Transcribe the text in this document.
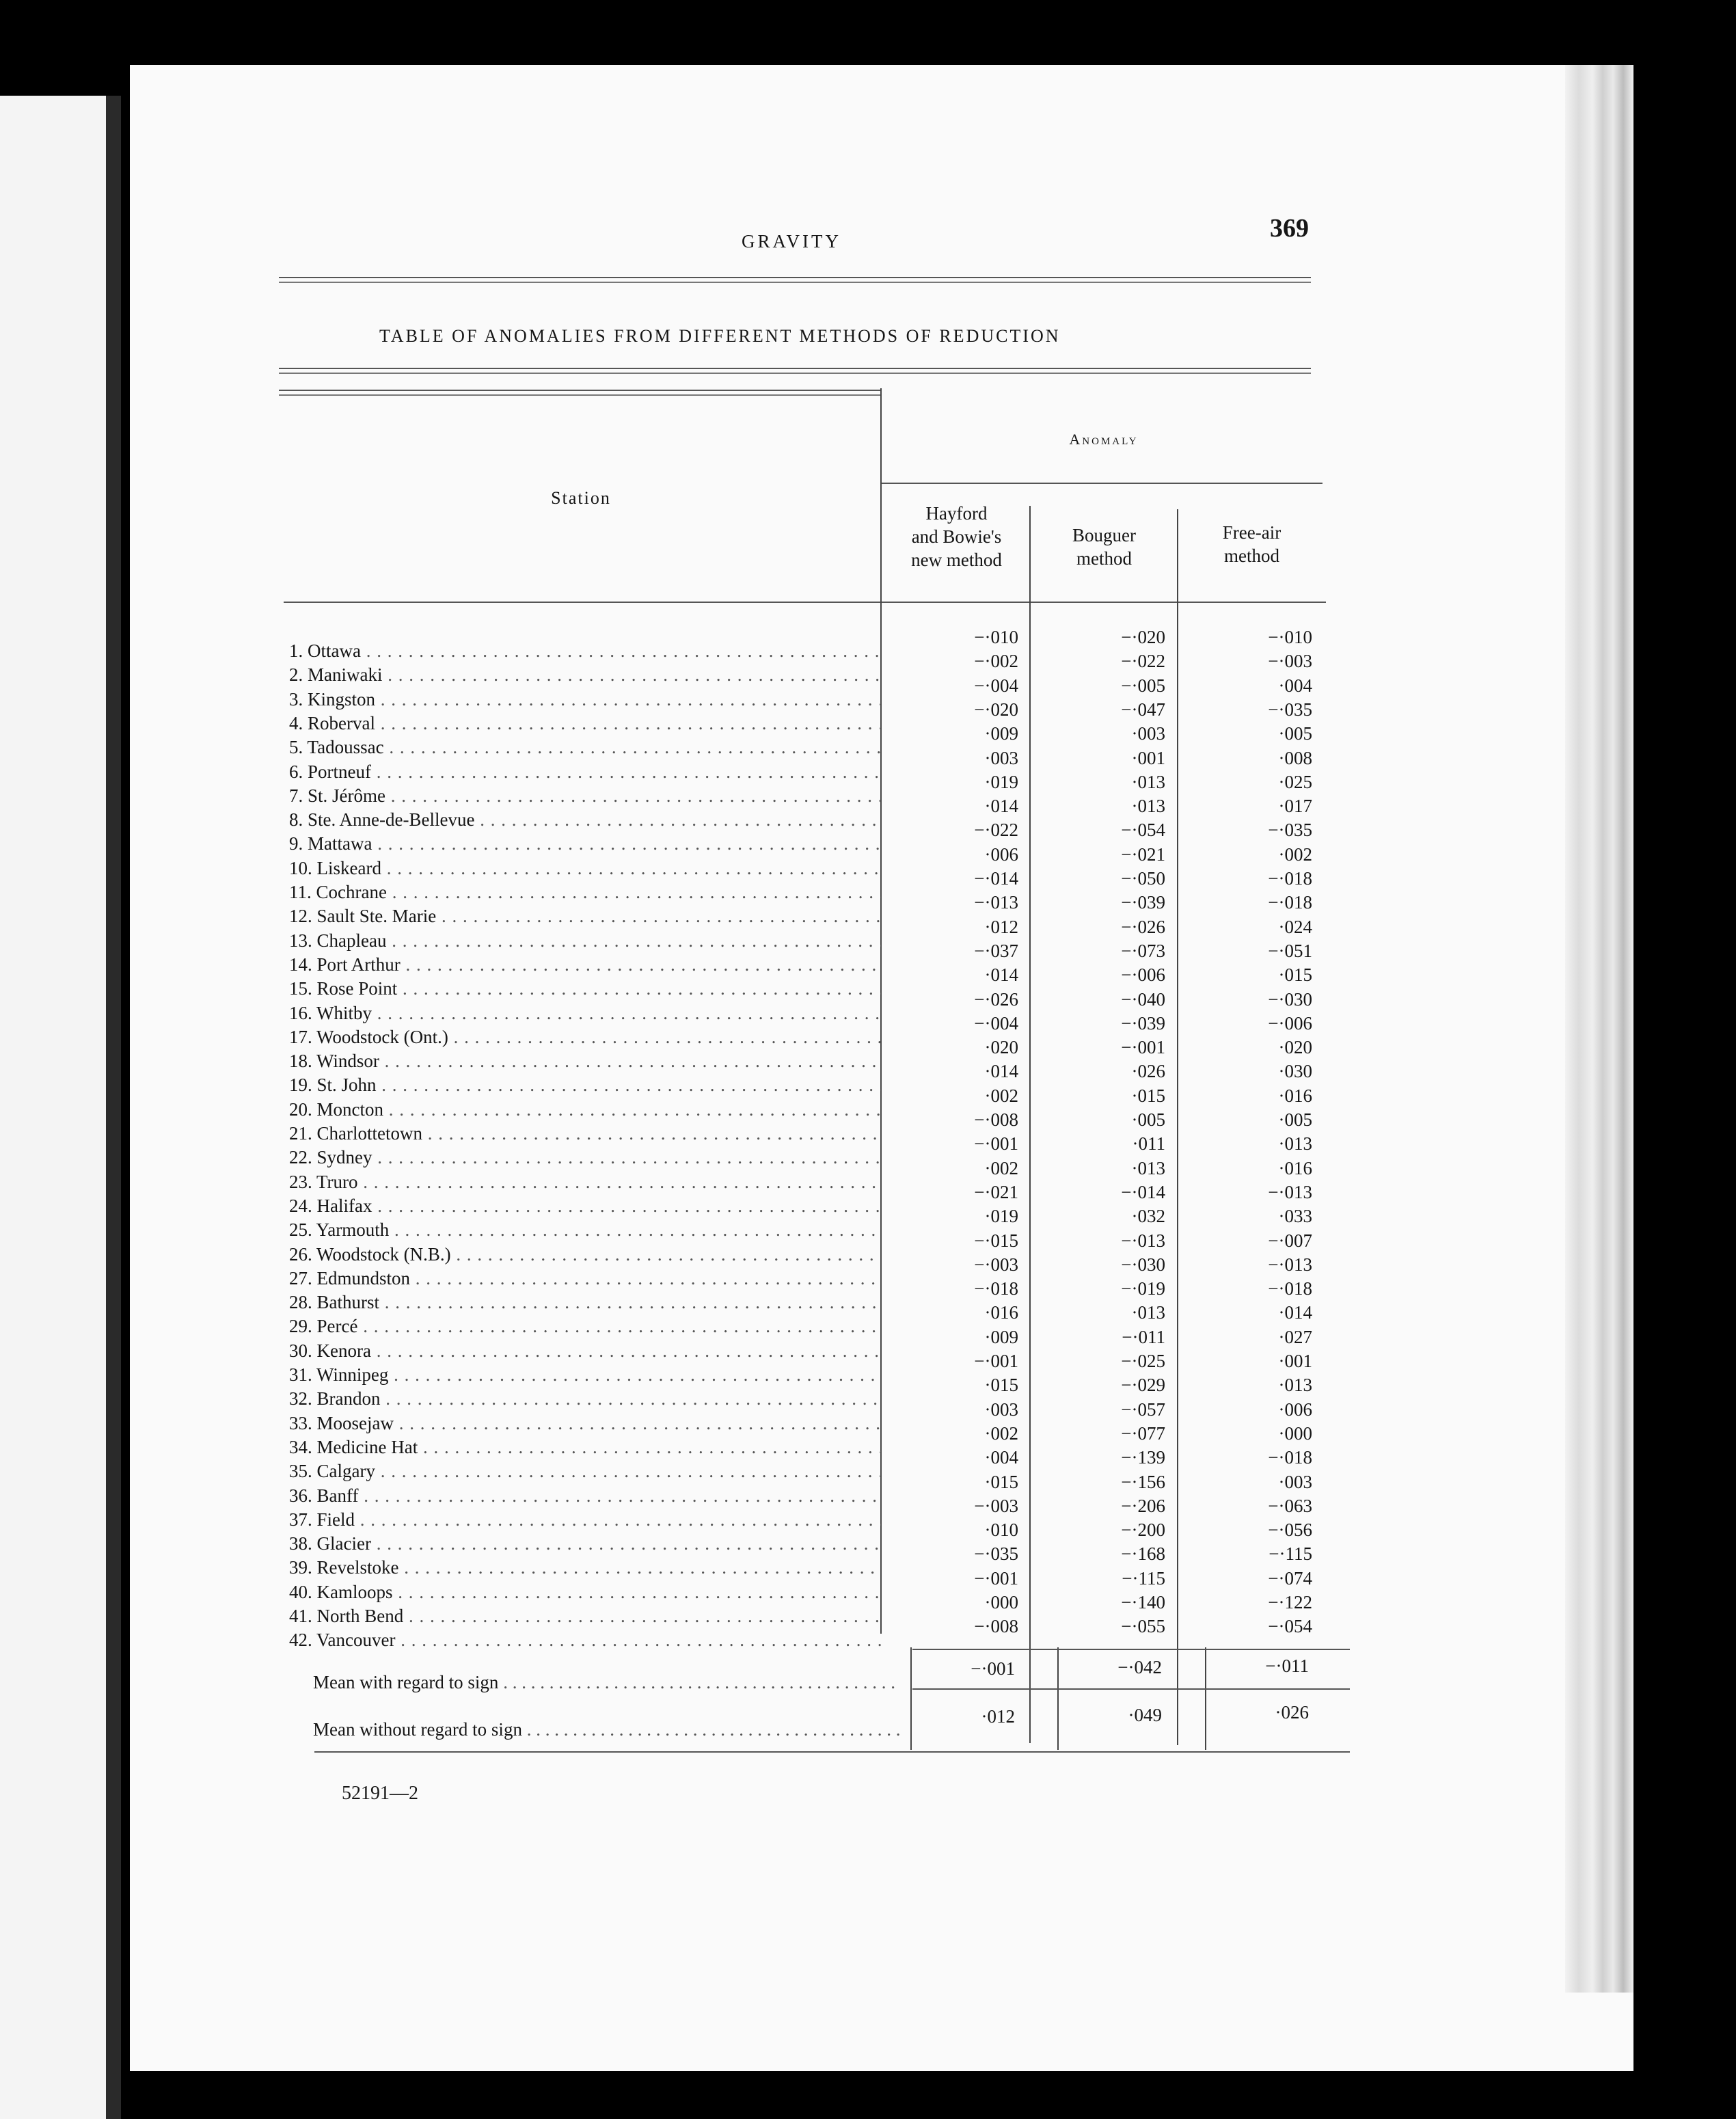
GRAVITY	369
TABLE OF ANOMALIES FROM DIFFERENT METHODS OF REDUCTION
Anomaly
Station
Hayford
and Bowie's
new method
Bouguer
method
Free-air
method
1. Ottawa . . .
−·010	−·020	−·010
2. Maniwaki . . .
−·002	−·022	−·003
3. Kingston . . .
−·004	−·005	·004
4. Roberval . . .
−·020	−·047	−·035
5. Tadoussac . . .
·009	·003	·005
6. Portneuf . . .
·003	·001	·008
7. St. Jérôme . . .
·019	·013	·025
8. Ste. Anne-de-Bellevue . . .
·014	·013	·017
9. Mattawa . . .
−·022	−·054	−·035
10. Liskeard . . .
·006	−·021	·002
11. Cochrane . . .
−·014	−·050	−·018
12. Sault Ste. Marie . . .
−·013	−·039	−·018
13. Chapleau . . .
·012	−·026	·024
14. Port Arthur . . .
−·037	−·073	−·051
15. Rose Point . . .
·014	−·006	·015
16. Whitby . . .
−·026	−·040	−·030
17. Woodstock (Ont.) . . .
−·004	−·039	−·006
18. Windsor . . .
·020	−·001	·020
19. St. John . . .
·014	·026	·030
20. Moncton . . .
·002	·015	·016
21. Charlottetown . . .
−·008	·005	·005
22. Sydney . . .
−·001	·011	·013
23. Truro . . .
·002	·013	·016
24. Halifax . . .
−·021	−·014	−·013
25. Yarmouth . . .
·019	·032	·033
26. Woodstock (N.B.) . . .
−·015	−·013	−·007
27. Edmundston . . .
−·003	−·030	−·013
28. Bathurst . . .
−·018	−·019	−·018
29. Percé . . .
·016	·013	·014
30. Kenora . . .
·009	−·011	·027
31. Winnipeg . . .
−·001	−·025	·001
32. Brandon . . .
·015	−·029	·013
33. Moosejaw . . .
·003	−·057	·006
34. Medicine Hat . . .
·002	−·077	·000
35. Calgary . . .
·004	−·139	−·018
36. Banff . . .
·015	−·156	·003
37. Field . . .
−·003	−·206	−·063
38. Glacier . . .
·010	−·200	−·056
39. Revelstoke . . .
−·035	−·168	−·115
40. Kamloops . . .
−·001	−·115	−·074
41. North Bend . . .
·000	−·140	−·122
42. Vancouver . . .
−·008	−·055	−·054
Mean with regard to sign . . .
−·001	−·042	−·011
Mean without regard to sign . . .
·012	·049	·026
52191—2
